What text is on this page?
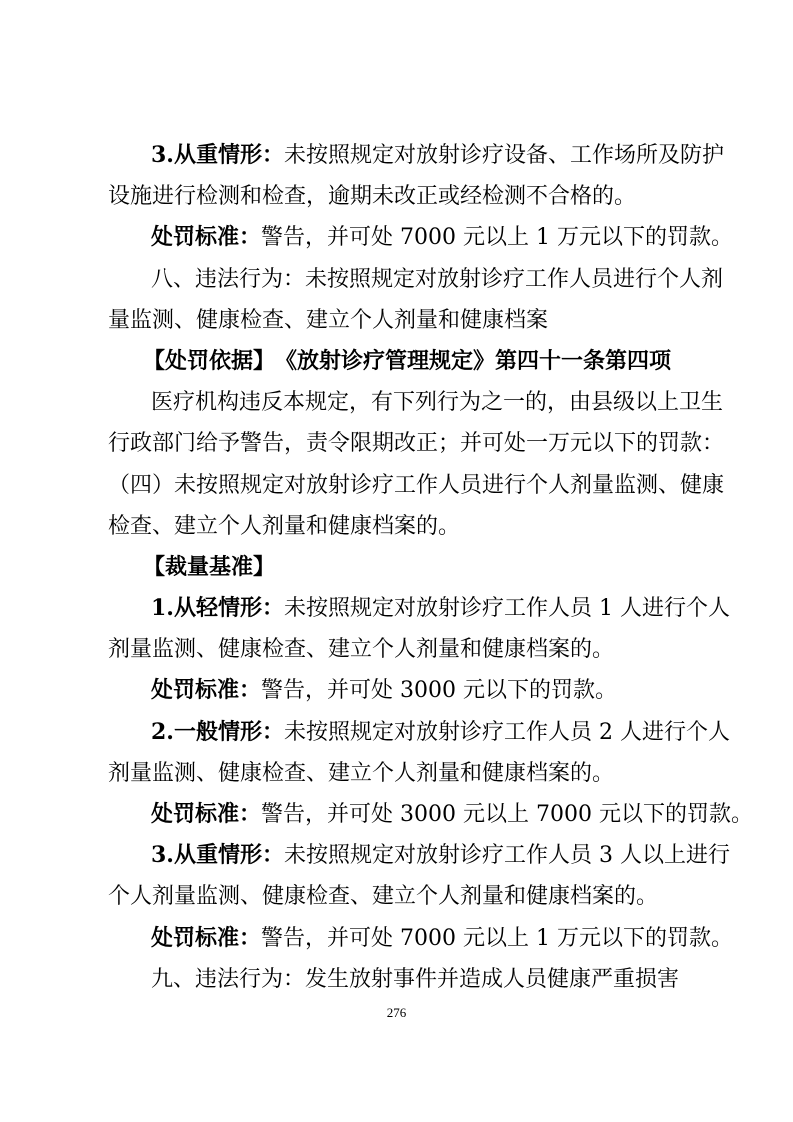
3.从重情形：未按照规定对放射诊疗设备、工作场所及防护
设施进行检测和检查，逾期未改正或经检测不合格的。
处罚标准：警告，并可处 7000 元以上 1 万元以下的罚款。
八、违法行为：未按照规定对放射诊疗工作人员进行个人剂
量监测、健康检查、建立个人剂量和健康档案
【处罚依据】　《放射诊疗管理规定》第四十一条第四项
医疗机构违反本规定，有下列行为之一的，由县级以上卫生
行政部门给予警告，责令限期改正；并可处一万元以下的罚款：
（四）未按照规定对放射诊疗工作人员进行个人剂量监测、健康
检查、建立个人剂量和健康档案的。
【裁量基准】
1.从轻情形：未按照规定对放射诊疗工作人员 1 人进行个人
剂量监测、健康检查、建立个人剂量和健康档案的。
处罚标准：警告，并可处 3000 元以下的罚款。
2.一般情形：未按照规定对放射诊疗工作人员 2 人进行个人
剂量监测、健康检查、建立个人剂量和健康档案的。
处罚标准：警告，并可处 3000 元以上 7000 元以下的罚款。
3.从重情形：未按照规定对放射诊疗工作人员 3 人以上进行
个人剂量监测、健康检查、建立个人剂量和健康档案的。
处罚标准：警告，并可处 7000 元以上 1 万元以下的罚款。
九、违法行为：发生放射事件并造成人员健康严重损害
276
